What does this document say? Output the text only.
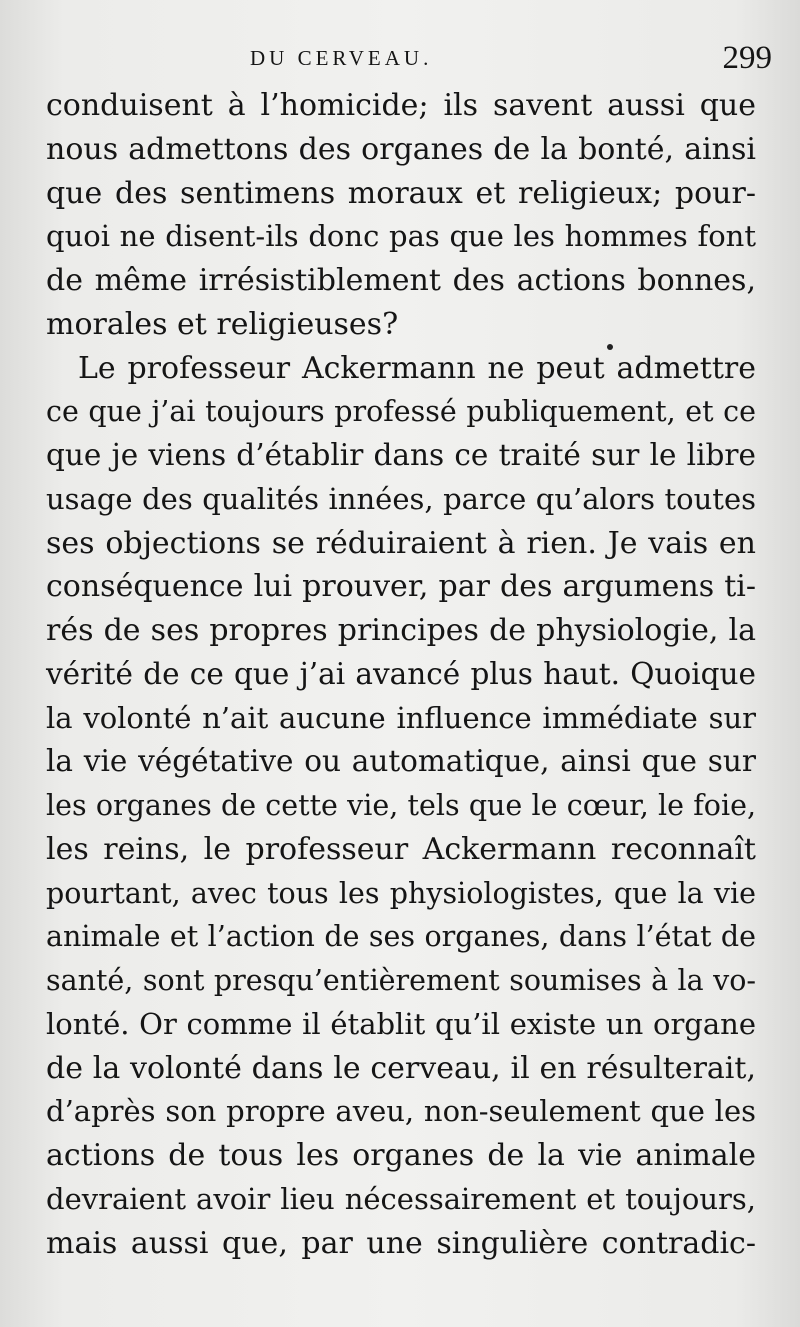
DU CERVEAU.	299
conduisent à l’homicide; ils savent aussi que
nous admettons des organes de la bonté, ainsi
que des sentimens moraux et religieux; pour-
quoi ne disent-ils donc pas que les hommes font
de même irrésistiblement des actions bonnes,
morales et religieuses?
Le professeur Ackermann ne peut admettre
ce que j’ai toujours professé publiquement, et ce
que je viens d’établir dans ce traité sur le libre
usage des qualités innées, parce qu’alors toutes
ses objections se réduiraient à rien. Je vais en
conséquence lui prouver, par des argumens ti-
rés de ses propres principes de physiologie, la
vérité de ce que j’ai avancé plus haut. Quoique
la volonté n’ait aucune influence immédiate sur
la vie végétative ou automatique, ainsi que sur
les organes de cette vie, tels que le cœur, le foie,
les reins, le professeur Ackermann reconnaît
pourtant, avec tous les physiologistes, que la vie
animale et l’action de ses organes, dans l’état de
santé, sont presqu’entièrement soumises à la vo-
lonté. Or comme il établit qu’il existe un organe
de la volonté dans le cerveau, il en résulterait,
d’après son propre aveu, non-seulement que les
actions de tous les organes de la vie animale
devraient avoir lieu nécessairement et toujours,
mais aussi que, par une singulière contradic-
